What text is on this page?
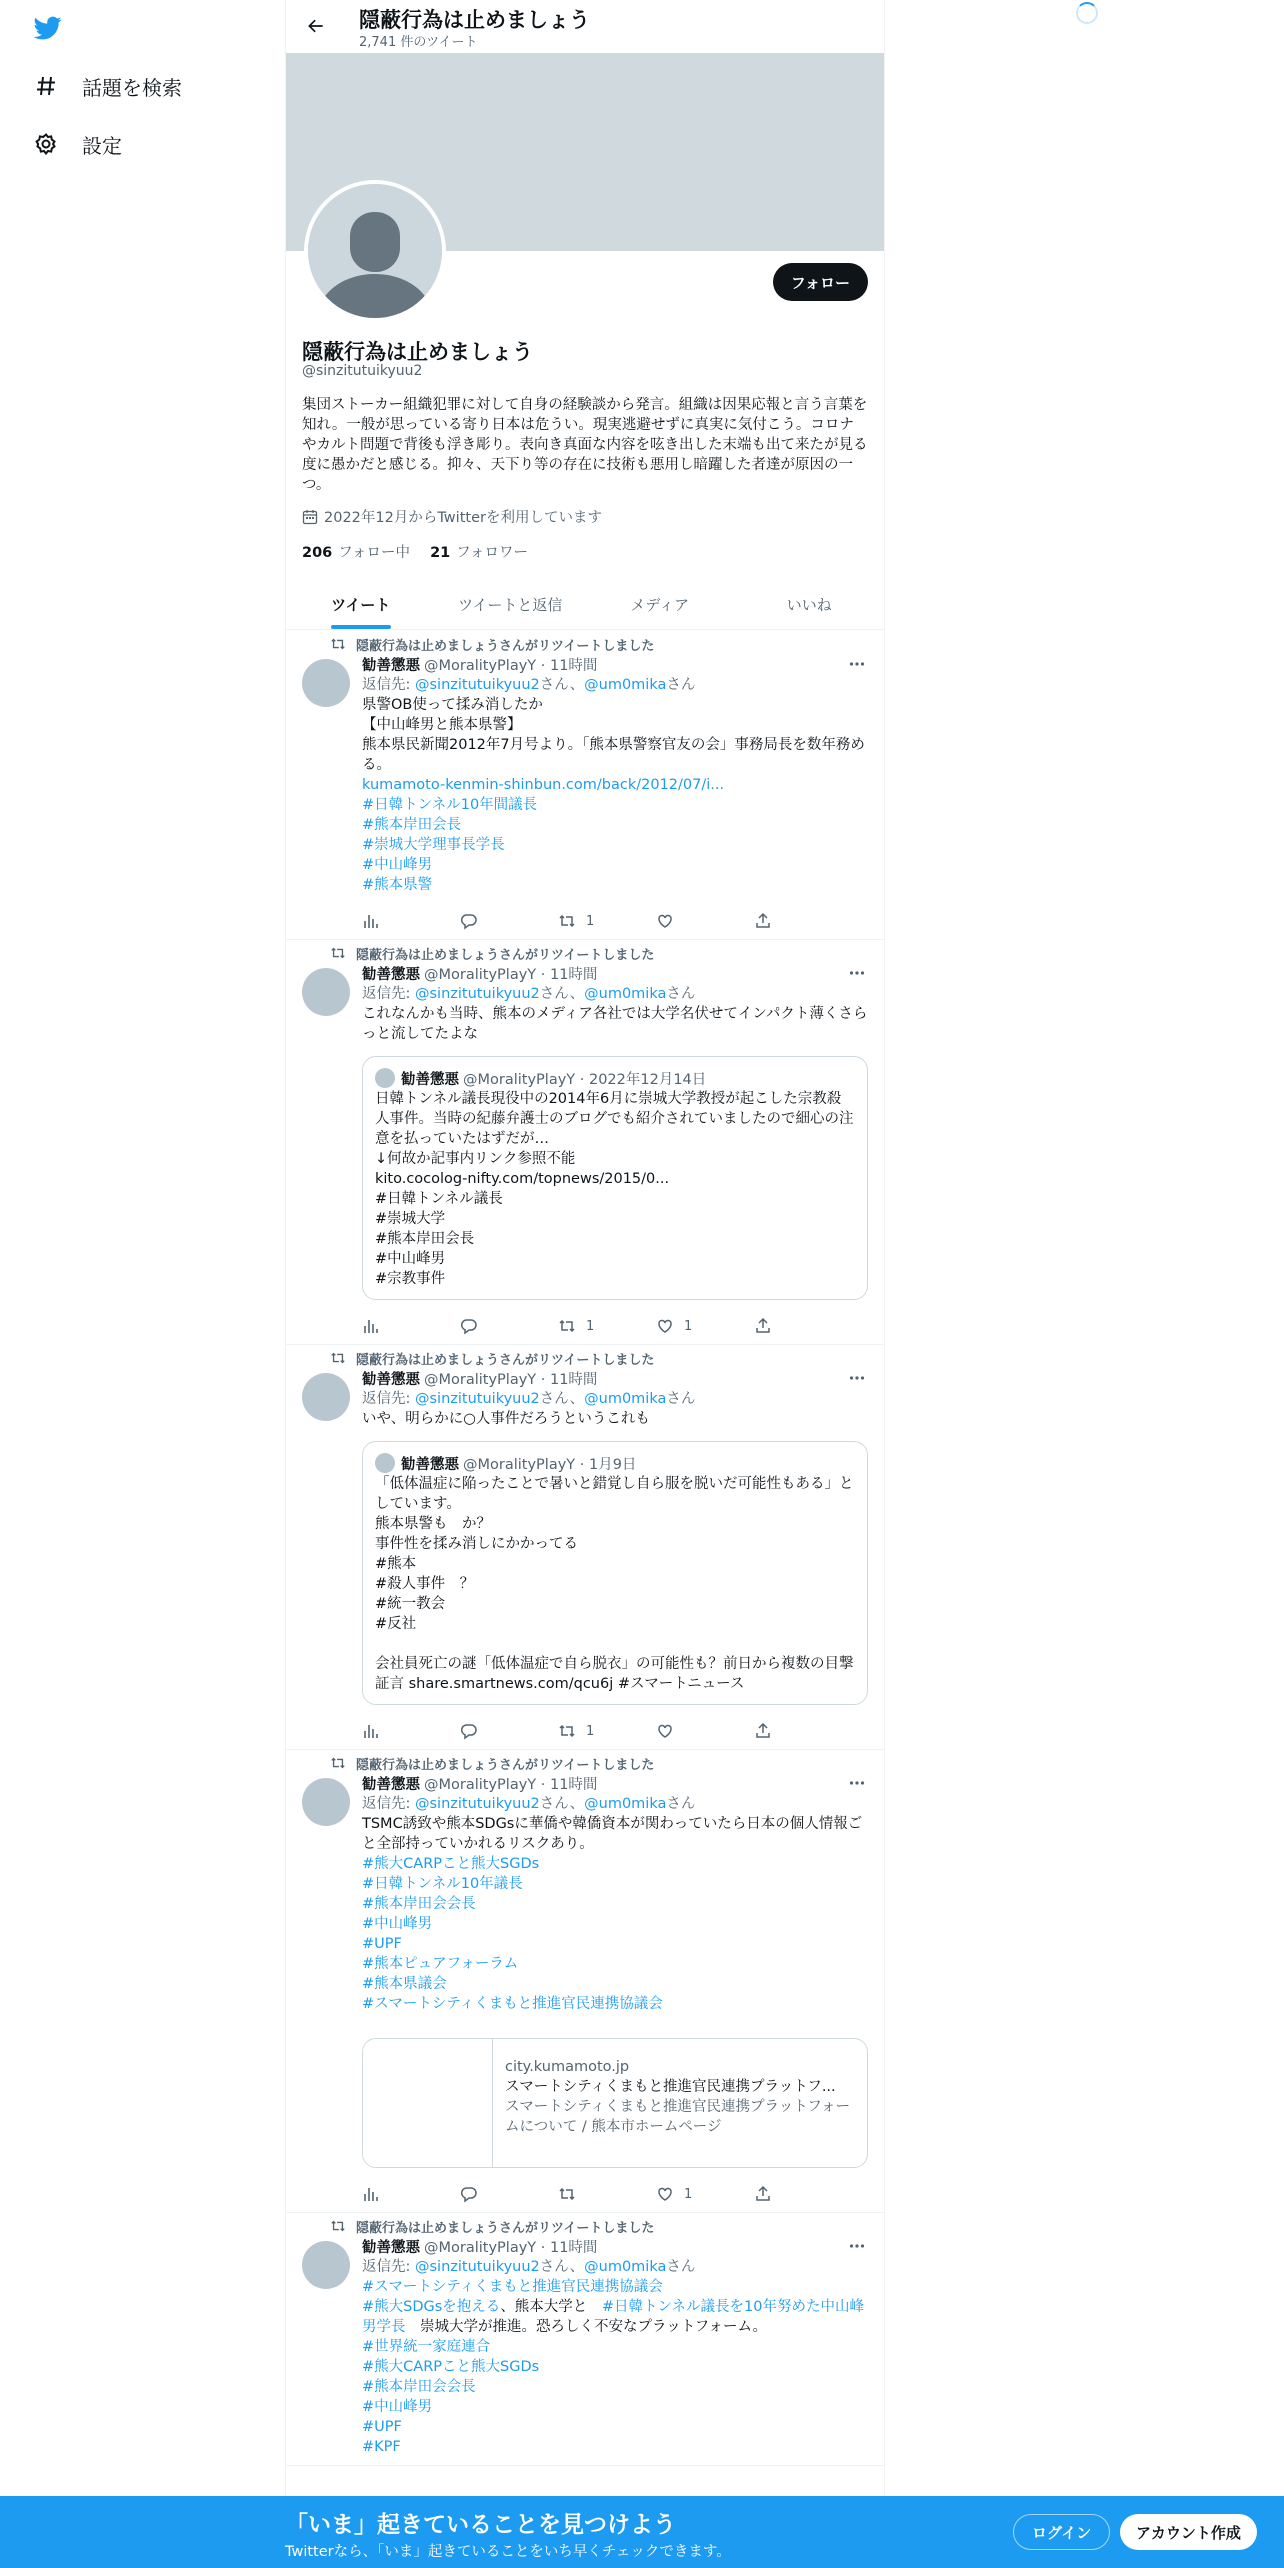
話題を検索
設定
隠蔽行為は止めましょう
2,741 件のツイート
フォロー
隠蔽行為は止めましょう
@sinzitutuikyuu2
集団ストーカー組織犯罪に対して自身の経験談から発言。組織は因果応報と言う言葉を知れ。一般が思っている寄り日本は危うい。現実逃避せずに真実に気付こう。コロナやカルト問題で背後も浮き彫り。表向き真面な内容を呟き出した末端も出て来たが見る度に愚かだと感じる。抑々、天下り等の存在に技術も悪用し暗躍した者達が原因の一つ。
2022年12月からTwitterを利用しています
206 フォロー中 21 フォロワー
ツイート	ツイートと返信	メディア	いいね
隠蔽行為は止めましょうさんがリツイートしました
勧善懲悪 @MoralityPlayY · 11時間
返信先: @sinzitutuikyuu2さん、@um0mikaさん
県警OB使って揉み消したか
【中山峰男と熊本県警】
熊本県民新聞2012年7月号より。「熊本県警察官友の会」事務局長を数年務める。
kumamoto-kenmin-shinbun.com/back/2012/07/i...
#日韓トンネル10年間議長
#熊本岸田会長
#崇城大学理事長学長
#中山峰男
#熊本県警
1
隠蔽行為は止めましょうさんがリツイートしました
勧善懲悪 @MoralityPlayY · 11時間
返信先: @sinzitutuikyuu2さん、@um0mikaさん
これなんかも当時、熊本のメディア各社では大学名伏せてインパクト薄くさらっと流してたよな
勧善懲悪 @MoralityPlayY · 2022年12月14日
日韓トンネル議長現役中の2014年6月に崇城大学教授が起こした宗教殺人事件。当時の紀藤弁護士のブログでも紹介されていましたので細心の注意を払っていたはずだが…
↓何故か記事内リンク参照不能
kito.cocolog-nifty.com/topnews/2015/0...
#日韓トンネル議長
#崇城大学
#熊本岸田会長
#中山峰男
#宗教事件
1	1
隠蔽行為は止めましょうさんがリツイートしました
勧善懲悪 @MoralityPlayY · 11時間
返信先: @sinzitutuikyuu2さん、@um0mikaさん
いや、明らかに○人事件だろうというこれも
勧善懲悪 @MoralityPlayY · 1月9日
「低体温症に陥ったことで暑いと錯覚し自ら服を脱いだ可能性もある」としています。
熊本県警も　か？
事件性を揉み消しにかかってる
#熊本
#殺人事件　？
#統一教会
#反社
会社員死亡の謎「低体温症で自ら脱衣」の可能性も？前日から複数の目撃証言 share.smartnews.com/qcu6j #スマートニュース
1
隠蔽行為は止めましょうさんがリツイートしました
勧善懲悪 @MoralityPlayY · 11時間
返信先: @sinzitutuikyuu2さん、@um0mikaさん
TSMC誘致や熊本SDGsに華僑や韓僑資本が関わっていたら日本の個人情報ごと全部持っていかれるリスクあり。
#熊大CARPこと熊大SGDs
#日韓トンネル10年議長
#熊本岸田会会長
#中山峰男
#UPF
#熊本ピュアフォーラム
#熊本県議会
#スマートシティくまもと推進官民連携協議会
city.kumamoto.jp
スマートシティくまもと推進官民連携プラットフ...
スマートシティくまもと推進官民連携プラットフォームについて / 熊本市ホームページ
1
隠蔽行為は止めましょうさんがリツイートしました
勧善懲悪 @MoralityPlayY · 11時間
返信先: @sinzitutuikyuu2さん、@um0mikaさん
#スマートシティくまもと推進官民連携協議会
#熊大SDGsを抱える、熊本大学と　#日韓トンネル議長を10年努めた中山峰男学長　崇城大学が推進。恐ろしく不安なプラットフォーム。
#世界統一家庭連合
#熊大CARPこと熊大SGDs
#熊本岸田会会長
#中山峰男
#UPF
#KPF
「いま」起きていることを見つけよう
Twitterなら、「いま」起きていることをいち早くチェックできます。
ログイン	アカウント作成
